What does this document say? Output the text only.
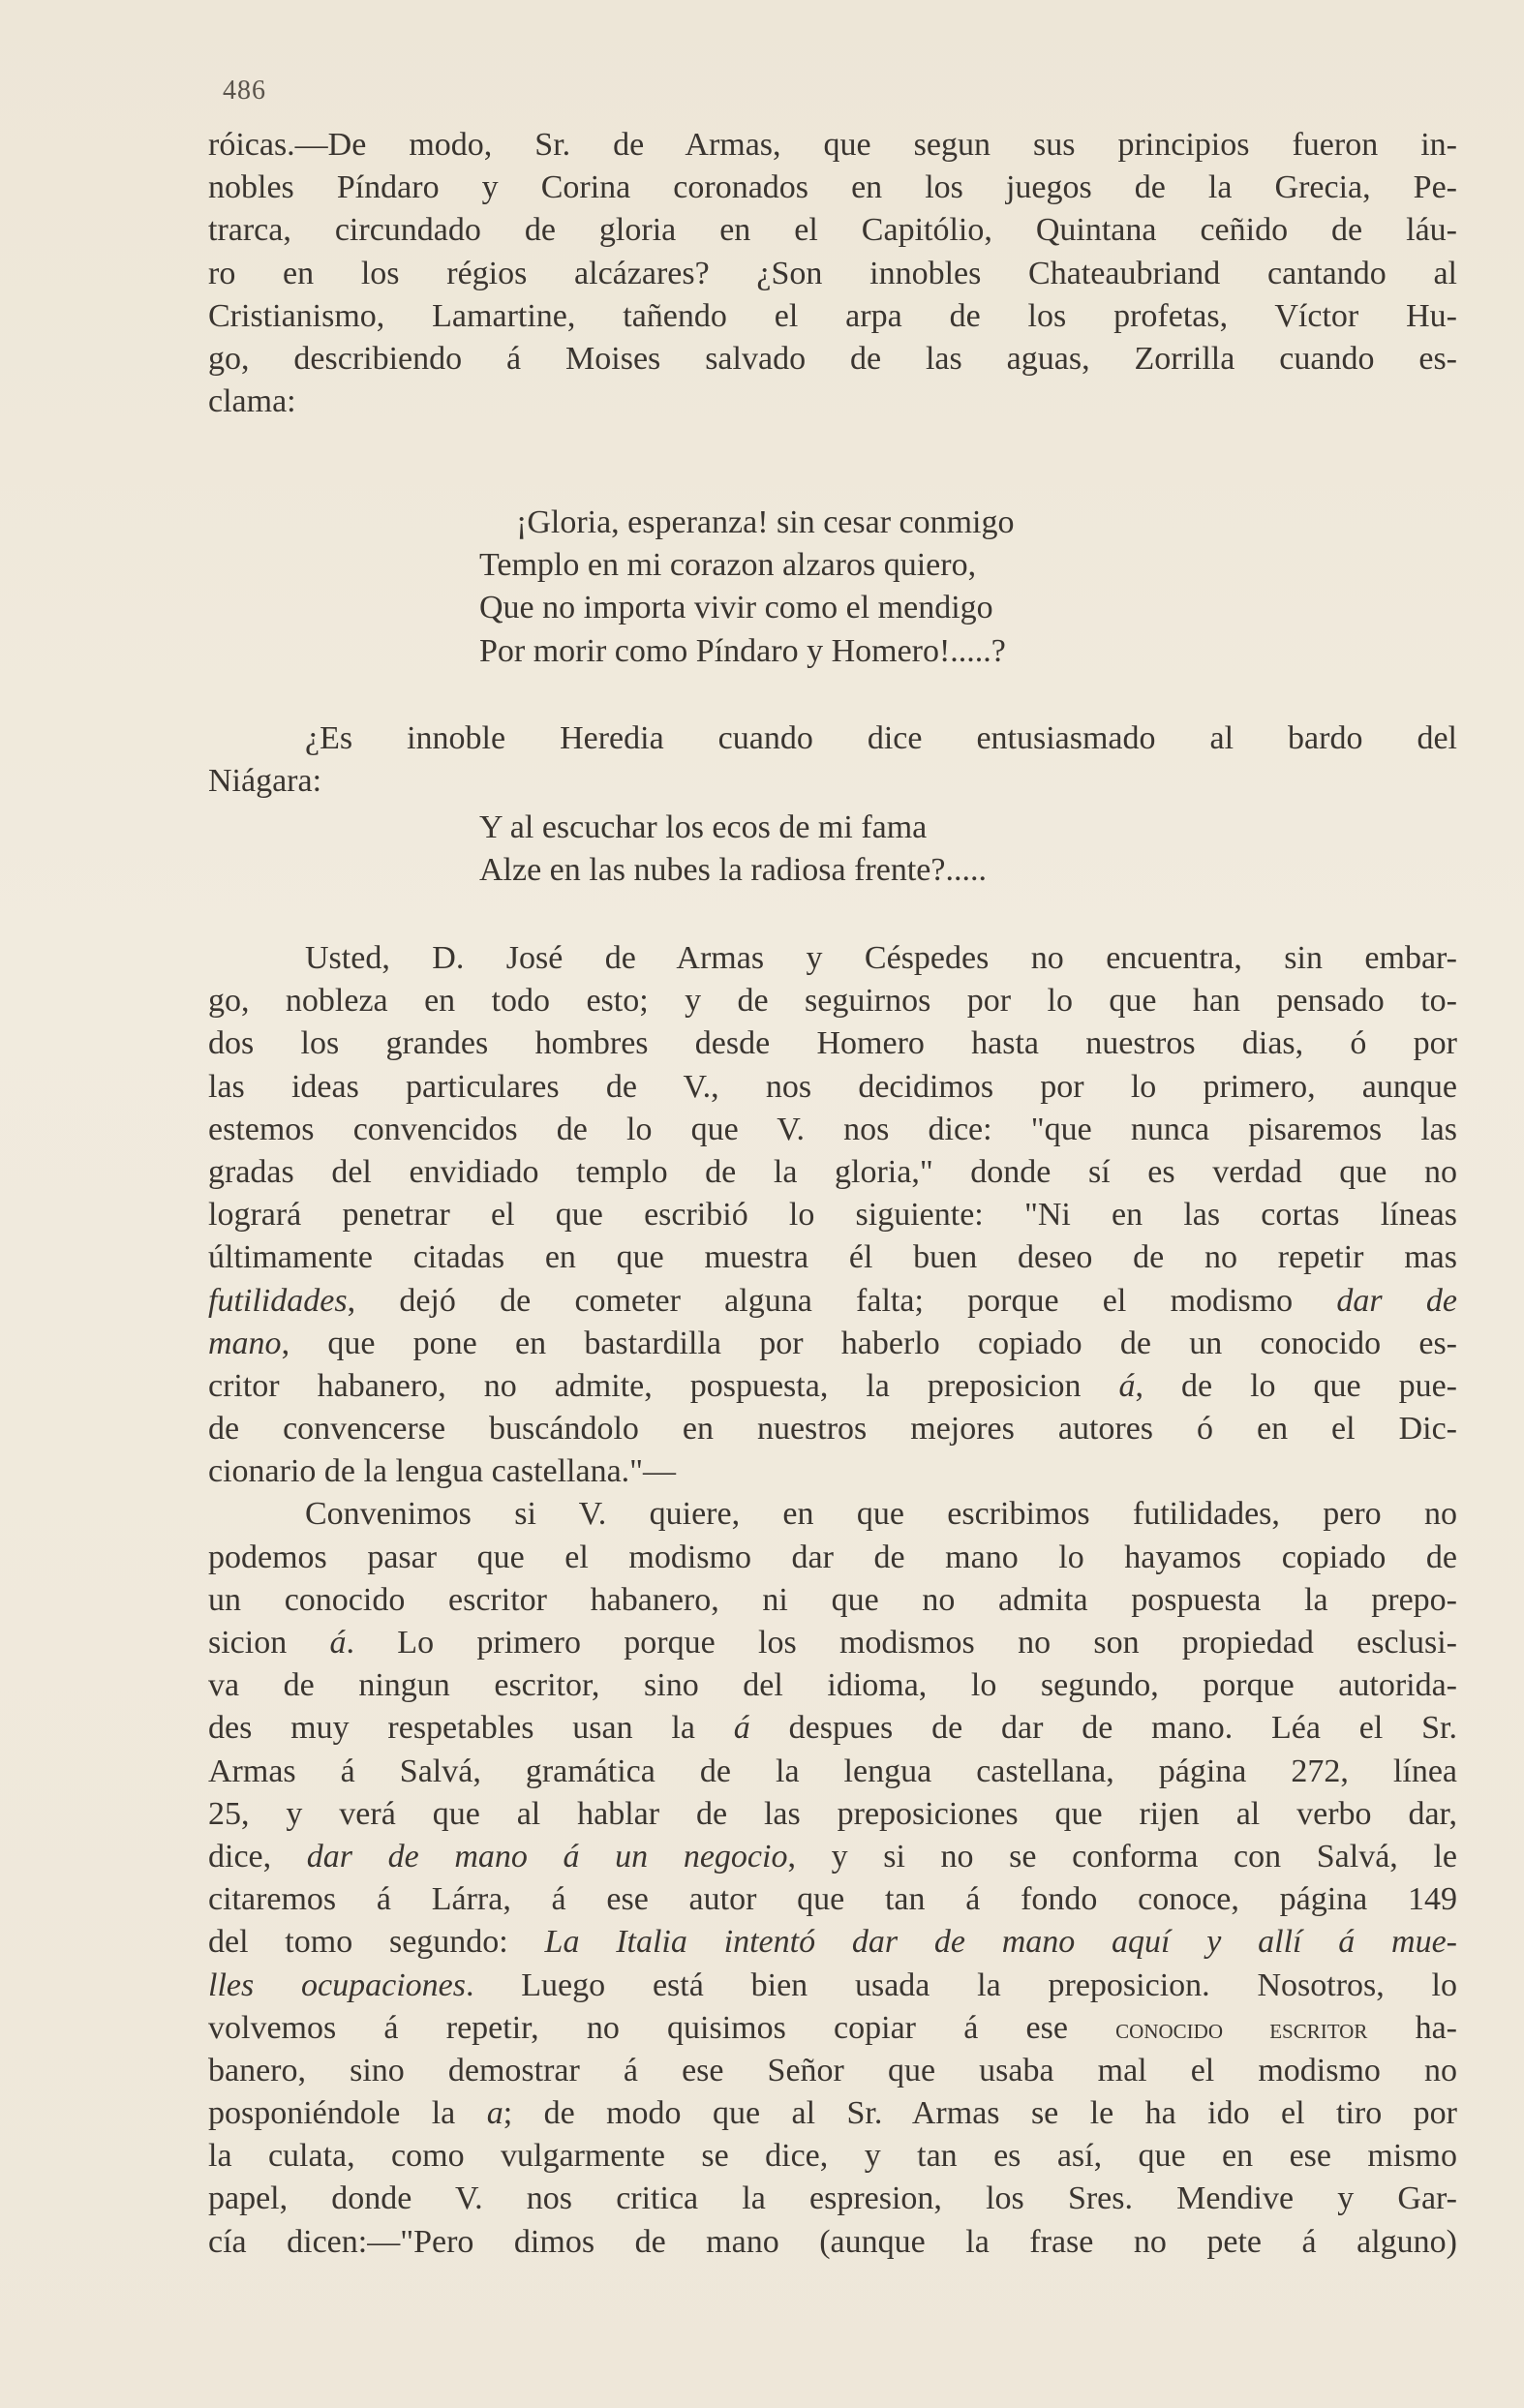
486
róicas.—De modo, Sr. de Armas, que segun sus principios fueron in-
nobles Píndaro y Corina coronados en los juegos de la Grecia, Pe-
trarca, circundado de gloria en el Capitólio, Quintana ceñido de láu-
ro en los régios alcázares? ¿Son innobles Chateaubriand cantando al
Cristianismo, Lamartine, tañendo el arpa de los profetas, Víctor Hu-
go, describiendo á Moises salvado de las aguas, Zorrilla cuando es-
clama:
¡Gloria, esperanza! sin cesar conmigo
Templo en mi corazon alzaros quiero,
Que no importa vivir como el mendigo
Por morir como Píndaro y Homero!.....?
¿Es innoble Heredia cuando dice entusiasmado al bardo del
Niágara:
Y al escuchar los ecos de mi fama
Alze en las nubes la radiosa frente?.....
Usted, D. José de Armas y Céspedes no encuentra, sin embar-
go, nobleza en todo esto; y de seguirnos por lo que han pensado to-
dos los grandes hombres desde Homero hasta nuestros dias, ó por
las ideas particulares de V., nos decidimos por lo primero, aunque
estemos convencidos de lo que V. nos dice: "que nunca pisaremos las
gradas del envidiado templo de la gloria," donde sí es verdad que no
logrará penetrar el que escribió lo siguiente: "Ni en las cortas líneas
últimamente citadas en que muestra él buen deseo de no repetir mas
futilidades, dejó de cometer alguna falta; porque el modismo dar de
mano, que pone en bastardilla por haberlo copiado de un conocido es-
critor habanero, no admite, pospuesta, la preposicion á, de lo que pue-
de convencerse buscándolo en nuestros mejores autores ó en el Dic-
cionario de la lengua castellana."—
Convenimos si V. quiere, en que escribimos futilidades, pero no
podemos pasar que el modismo dar de mano lo hayamos copiado de
un conocido escritor habanero, ni que no admita pospuesta la prepo-
sicion á. Lo primero porque los modismos no son propiedad esclusi-
va de ningun escritor, sino del idioma, lo segundo, porque autorida-
des muy respetables usan la á despues de dar de mano. Léa el Sr.
Armas á Salvá, gramática de la lengua castellana, página 272, línea
25, y verá que al hablar de las preposiciones que rijen al verbo dar,
dice, dar de mano á un negocio, y si no se conforma con Salvá, le
citaremos á Lárra, á ese autor que tan á fondo conoce, página 149
del tomo segundo: La Italia intentó dar de mano aquí y allí á mue-
lles ocupaciones. Luego está bien usada la preposicion. Nosotros, lo
volvemos á repetir, no quisimos copiar á ese conocido escritor ha-
banero, sino demostrar á ese Señor que usaba mal el modismo no
posponiéndole la a; de modo que al Sr. Armas se le ha ido el tiro por
la culata, como vulgarmente se dice, y tan es así, que en ese mismo
papel, donde V. nos critica la espresion, los Sres. Mendive y Gar-
cía dicen:—"Pero dimos de mano (aunque la frase no pete á alguno)
